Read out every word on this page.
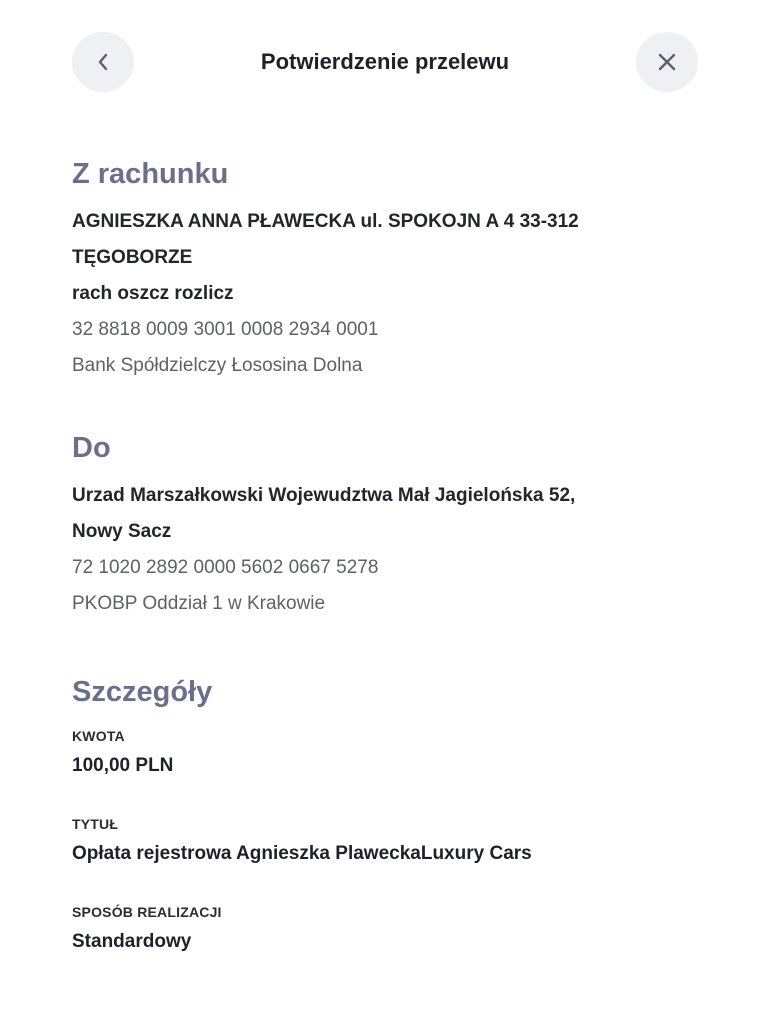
Potwierdzenie przelewu
Z rachunku

AGNIESZKA ANNA PŁAWECKA ul. SPOKOJN A 4 33-312

TĘGOBORZE

rach oszcz rozlicz

32 8818 0009 3001 0008 2934 0001

Bank Spółdzielczy Łososina Dolna

Do

Urzad Marszałkowski Wojewudztwa Mał Jagielońska 52,

Nowy Sacz

72 1020 2892 0000 5602 0667 5278

PKOBP Oddział 1 w Krakowie

Szczegóły

KWOTA

100,00 PLN

TYTUŁ

Opłata rejestrowa Agnieszka PlaweckaLuxury Cars

SPOSÓB REALIZACJI

Standardowy
